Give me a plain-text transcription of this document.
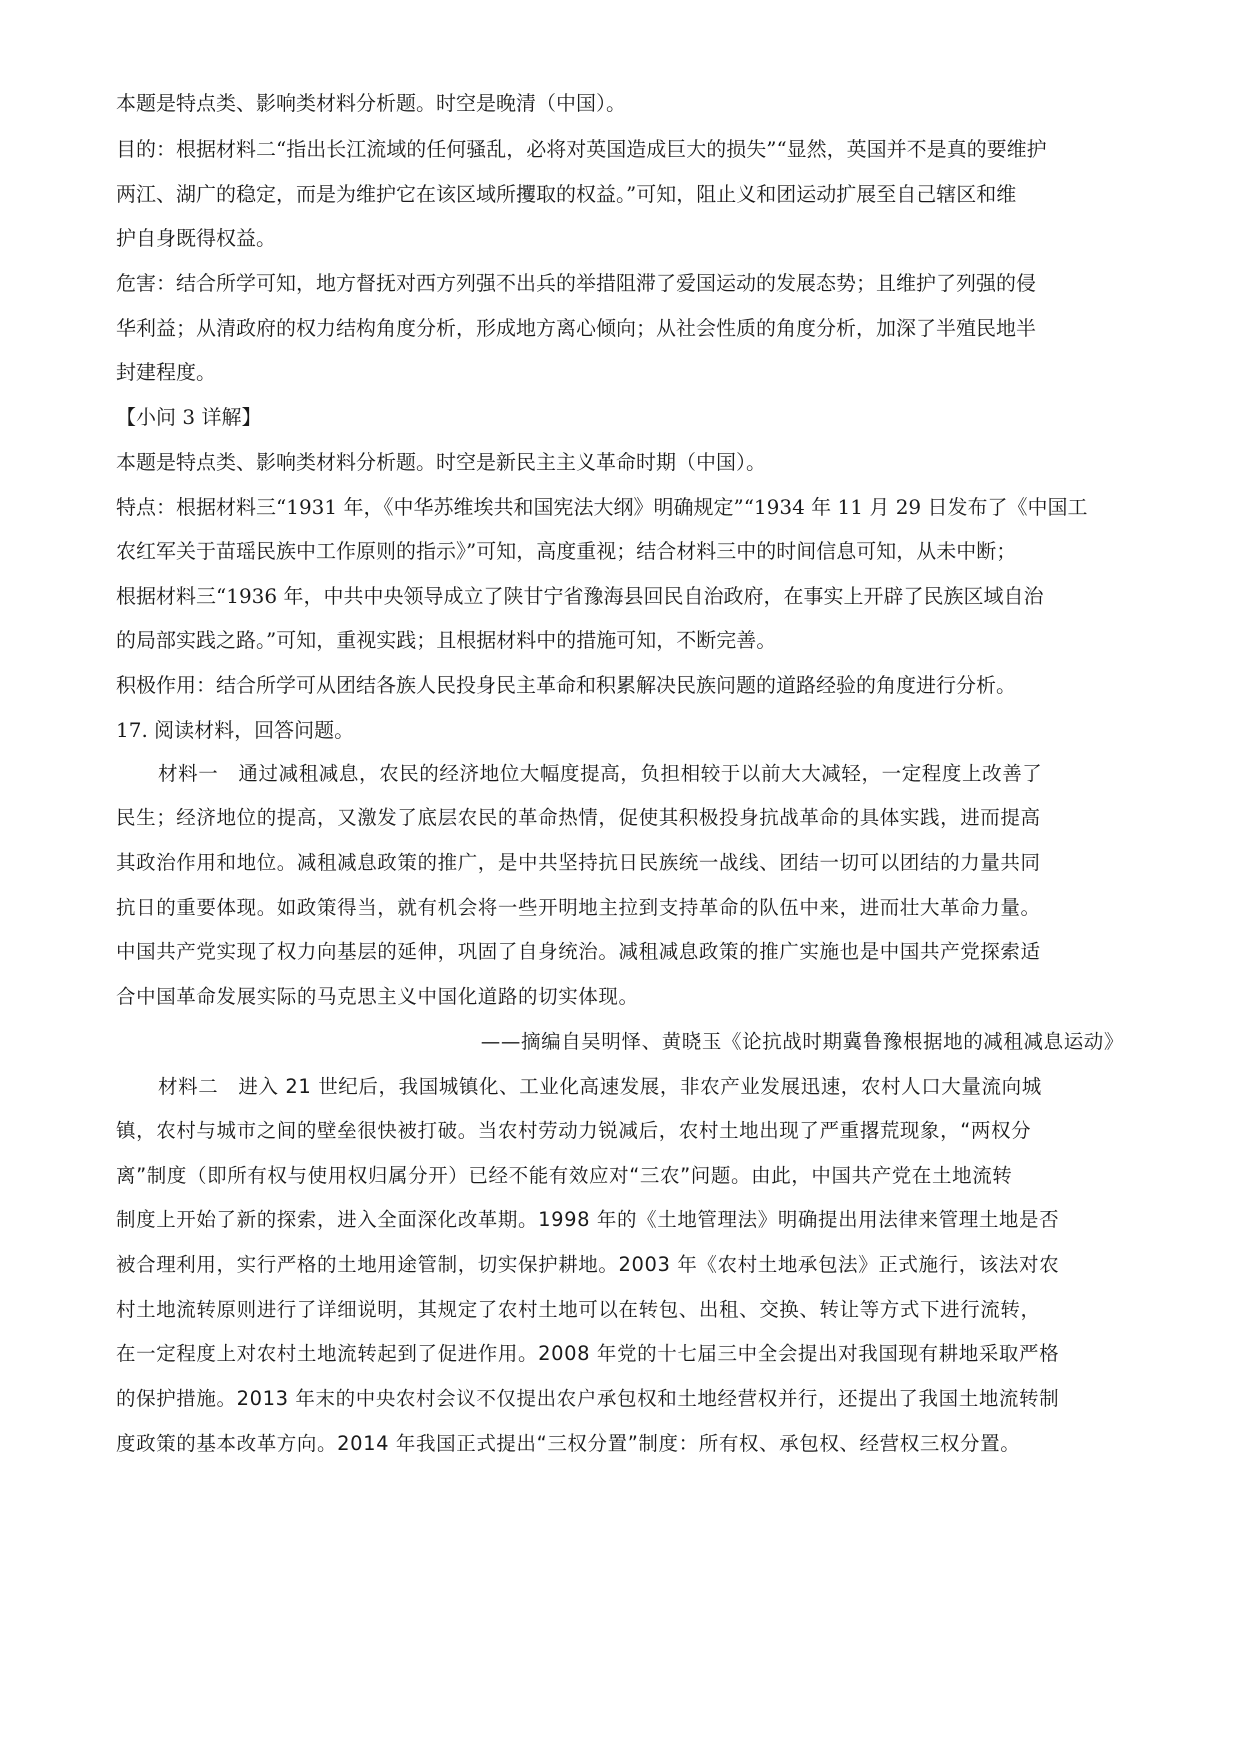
本题是特点类、影响类材料分析题。时空是晚清（中国）。
目的：根据材料二“指出长江流域的任何骚乱，必将对英国造成巨大的损失”“显然，英国并不是真的要维护
两江、湖广的稳定，而是为维护它在该区域所攫取的权益。”可知，阻止义和团运动扩展至自己辖区和维
护自身既得权益。
危害：结合所学可知，地方督抚对西方列强不出兵的举措阻滞了爱国运动的发展态势；且维护了列强的侵
华利益；从清政府的权力结构角度分析，形成地方离心倾向；从社会性质的角度分析，加深了半殖民地半
封建程度。
【小问 3 详解】
本题是特点类、影响类材料分析题。时空是新民主主义革命时期（中国）。
特点：根据材料三“1931 年，《中华苏维埃共和国宪法大纲》明确规定”“1934 年 11 月 29 日发布了《中国工
农红军关于苗瑶民族中工作原则的指示》”可知，高度重视；结合材料三中的时间信息可知，从未中断；
根据材料三“1936 年，中共中央领导成立了陕甘宁省豫海县回民自治政府，在事实上开辟了民族区域自治
的局部实践之路。”可知，重视实践；且根据材料中的措施可知，不断完善。
积极作用：结合所学可从团结各族人民投身民主革命和积累解决民族问题的道路经验的角度进行分析。
17. 阅读材料，回答问题。
材料一　通过减租减息，农民的经济地位大幅度提高，负担相较于以前大大减轻，一定程度上改善了
民生；经济地位的提高，又激发了底层农民的革命热情，促使其积极投身抗战革命的具体实践，进而提高
其政治作用和地位。减租减息政策的推广，是中共坚持抗日民族统一战线、团结一切可以团结的力量共同
抗日的重要体现。如政策得当，就有机会将一些开明地主拉到支持革命的队伍中来，进而壮大革命力量。
中国共产党实现了权力向基层的延伸，巩固了自身统治。减租减息政策的推广实施也是中国共产党探索适
合中国革命发展实际的马克思主义中国化道路的切实体现。
——摘编自吴明怿、黄晓玉《论抗战时期冀鲁豫根据地的减租减息运动》
材料二　进入 21 世纪后，我国城镇化、工业化高速发展，非农产业发展迅速，农村人口大量流向城
镇，农村与城市之间的壁垒很快被打破。当农村劳动力锐减后，农村土地出现了严重撂荒现象，“两权分
离”制度（即所有权与使用权归属分开）已经不能有效应对“三农”问题。由此，中国共产党在土地流转
制度上开始了新的探索，进入全面深化改革期。1998 年的《土地管理法》明确提出用法律来管理土地是否
被合理利用，实行严格的土地用途管制，切实保护耕地。2003 年《农村土地承包法》正式施行，该法对农
村土地流转原则进行了详细说明，其规定了农村土地可以在转包、出租、交换、转让等方式下进行流转，
在一定程度上对农村土地流转起到了促进作用。2008 年党的十七届三中全会提出对我国现有耕地采取严格
的保护措施。2013 年末的中央农村会议不仅提出农户承包权和土地经营权并行，还提出了我国土地流转制
度政策的基本改革方向。2014 年我国正式提出“三权分置”制度：所有权、承包权、经营权三权分置。
